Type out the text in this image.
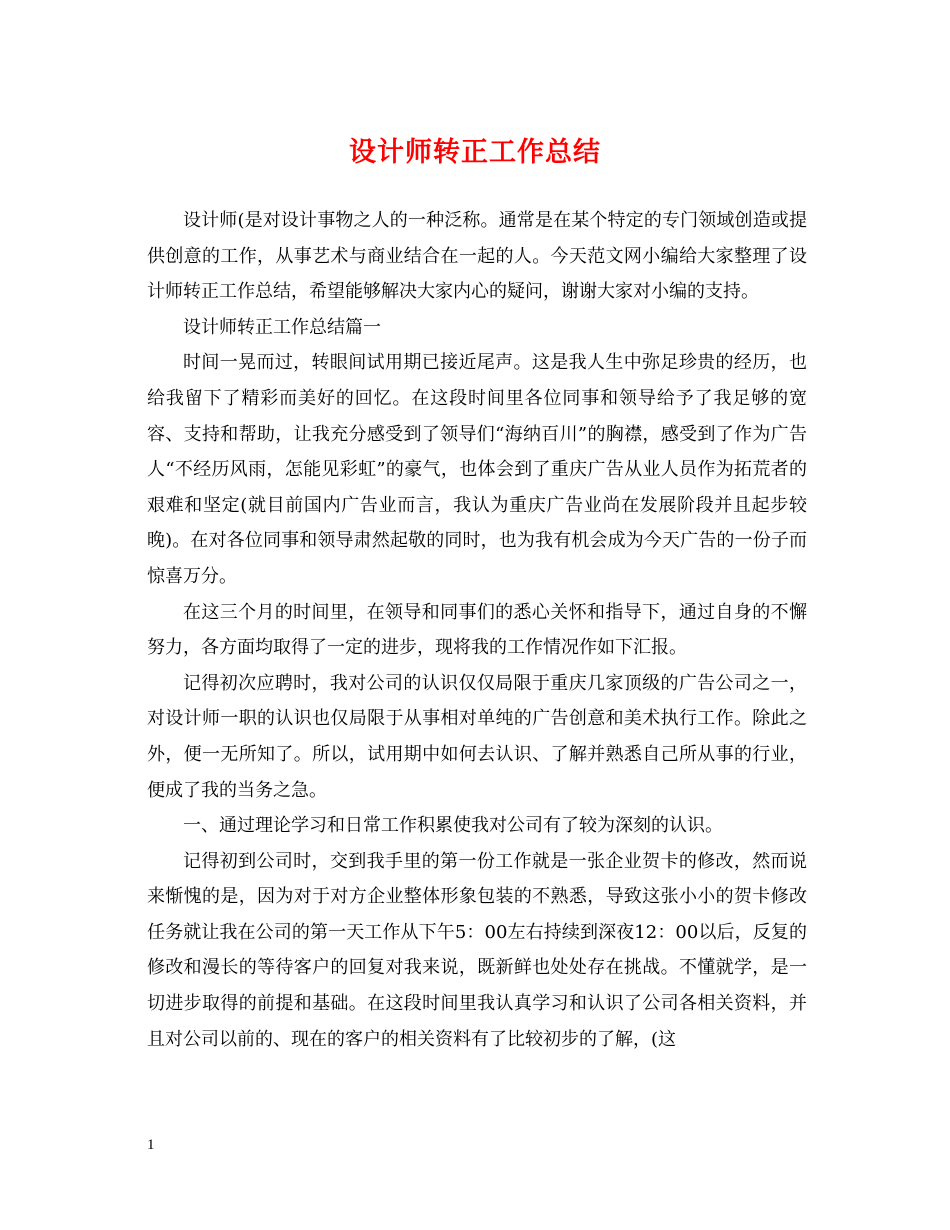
设计师转正工作总结

设计师(是对设计事物之人的一种泛称。通常是在某个特定的专门领域创造或提供创意的工作，从事艺术与商业结合在一起的人。今天范文网小编给大家整理了设计师转正工作总结，希望能够解决大家内心的疑问，谢谢大家对小编的支持。

设计师转正工作总结篇一

时间一晃而过，转眼间试用期已接近尾声。这是我人生中弥足珍贵的经历，也给我留下了精彩而美好的回忆。在这段时间里各位同事和领导给予了我足够的宽容、支持和帮助，让我充分感受到了领导们“海纳百川”的胸襟，感受到了作为广告人“不经历风雨，怎能见彩虹”的豪气，也体会到了重庆广告从业人员作为拓荒者的艰难和坚定(就目前国内广告业而言，我认为重庆广告业尚在发展阶段并且起步较晚)。在对各位同事和领导肃然起敬的同时，也为我有机会成为今天广告的一份子而惊喜万分。

在这三个月的时间里，在领导和同事们的悉心关怀和指导下，通过自身的不懈努力，各方面均取得了一定的进步，现将我的工作情况作如下汇报。

记得初次应聘时，我对公司的认识仅仅局限于重庆几家顶级的广告公司之一，对设计师一职的认识也仅局限于从事相对单纯的广告创意和美术执行工作。除此之外，便一无所知了。所以，试用期中如何去认识、了解并熟悉自己所从事的行业，便成了我的当务之急。

一、通过理论学习和日常工作积累使我对公司有了较为深刻的认识。

记得初到公司时，交到我手里的第一份工作就是一张企业贺卡的修改，然而说来惭愧的是，因为对于对方企业整体形象包装的不熟悉，导致这张小小的贺卡修改任务就让我在公司的第一天工作从下午5：00左右持续到深夜12：00以后，反复的修改和漫长的等待客户的回复对我来说，既新鲜也处处存在挑战。不懂就学，是一切进步取得的前提和基础。在这段时间里我认真学习和认识了公司各相关资料，并且对公司以前的、现在的客户的相关资料有了比较初步的了解，(这

1
